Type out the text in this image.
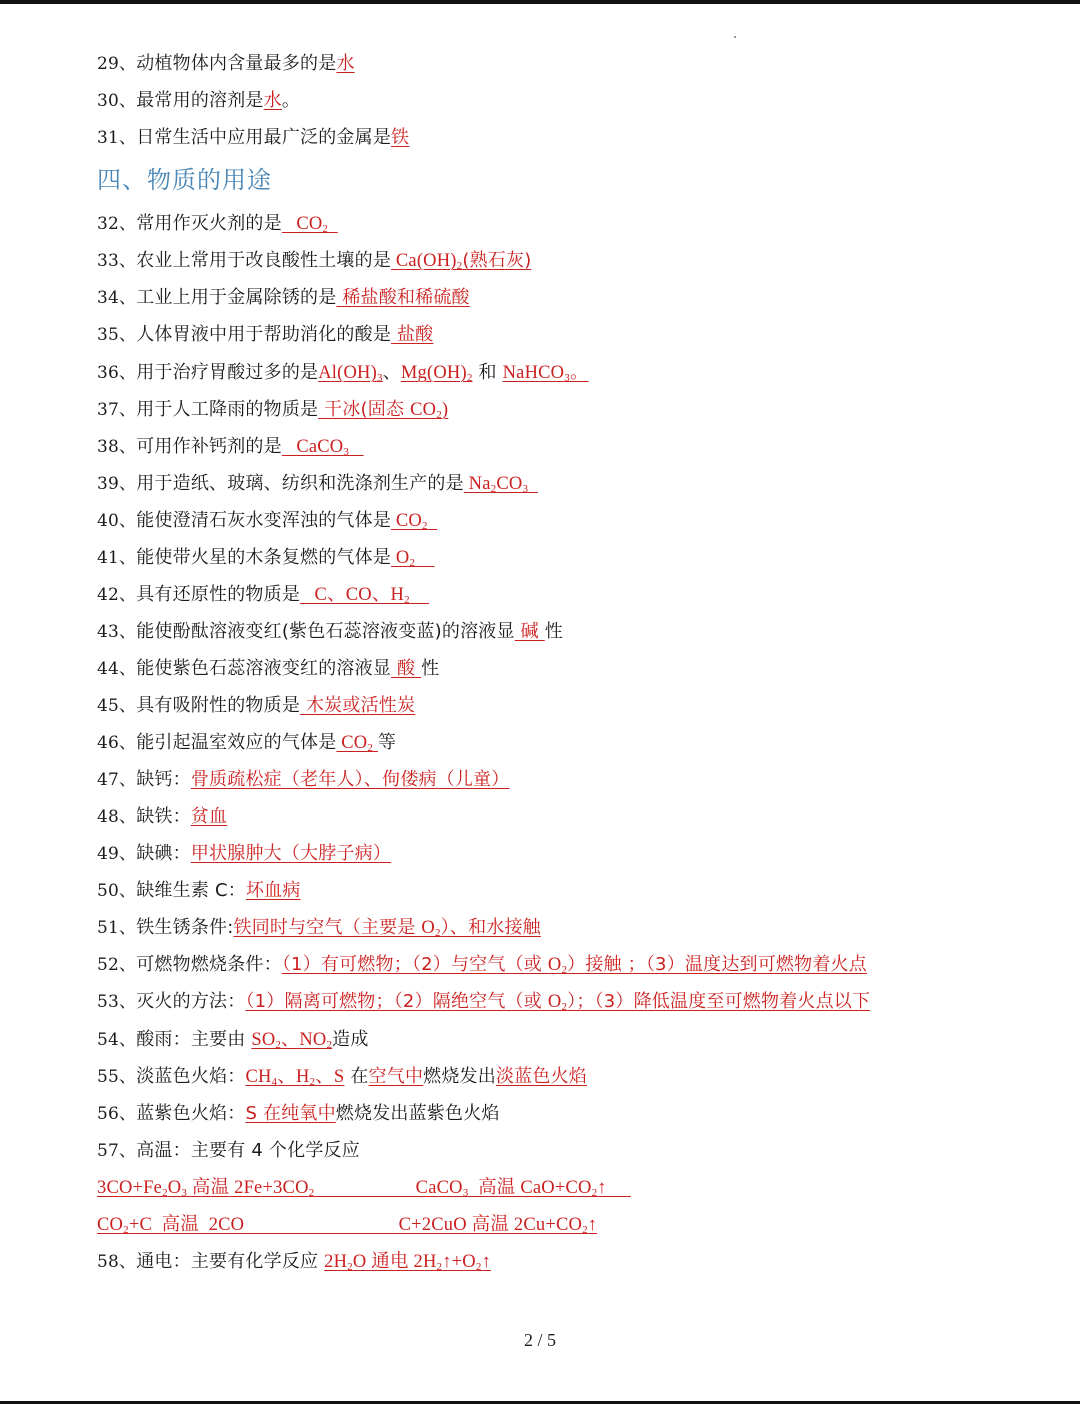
29、动植物体内含量最多的是水
30、最常用的溶剂是水。
31、日常生活中应用最广泛的金属是铁
四、物质的用途
32、常用作灭火剂的是   $CO_2$
33、农业上常用于改良酸性土壤的是 $Ca(OH)_2$(熟石灰)
34、工业上用于金属除锈的是 稀盐酸和稀硫酸
35、人体胃液中用于帮助消化的酸是 盐酸
36、用于治疗胃酸过多的是$Al(OH)_3$、$Mg(OH)_2$ 和 NaHCO$_3$。
37、用于人工降雨的物质是 干冰(固态 $CO_2$)
38、可用作补钙剂的是   CaCO$_3$
39、用于造纸、玻璃、纺织和洗涤剂生产的是 $Na_2CO_3$
40、能使澄清石灰水变浑浊的气体是 $CO_2$
41、能使带火星的木条复燃的气体是 $O_2$
42、具有还原性的物质是   C、CO、$H_2$
43、能使酚酞溶液变红(紫色石蕊溶液变蓝)的溶液显 碱 性
44、能使紫色石蕊溶液变红的溶液显 酸 性
45、具有吸附性的物质是 木炭或活性炭
46、能引起温室效应的气体是 $CO_2$ 等
47、缺钙：骨质疏松症（老年人）、佝偻病（儿童）
48、缺铁：贫血
49、缺碘：甲状腺肿大（大脖子病）
50、缺维生素 C：坏血病
51、铁生锈条件:铁同时与空气（主要是 $O_2$）、和水接触
52、可燃物燃烧条件：（1）有可燃物；（2）与空气（或 $O_2$）接触 ；（3）温度达到可燃物着火点
53、灭火的方法：（1）隔离可燃物；（2）隔绝空气（或 $O_2$）；（3）降低温度至可燃物着火点以下
54、酸雨：主要由 $SO_2$、$NO_2$造成
55、淡蓝色火焰：$CH_4$、$H_2$、S 在空气中燃烧发出淡蓝色火焰
56、蓝紫色火焰：S 在纯氧中燃烧发出蓝紫色火焰
57、高温：主要有 4 个化学反应
$3CO+Fe_2O_3$ 高温 $2Fe+3CO_2$                     CaCO$_3$ 高温 $CaO+CO_2↑$
$CO_2+C$  高温  2CO                                C+2CuO 高温 $2Cu+CO_2↑$
58、通电：主要有化学反应 $2H_2O$ 通电 $2H_2↑+O_2↑$
2 / 5
